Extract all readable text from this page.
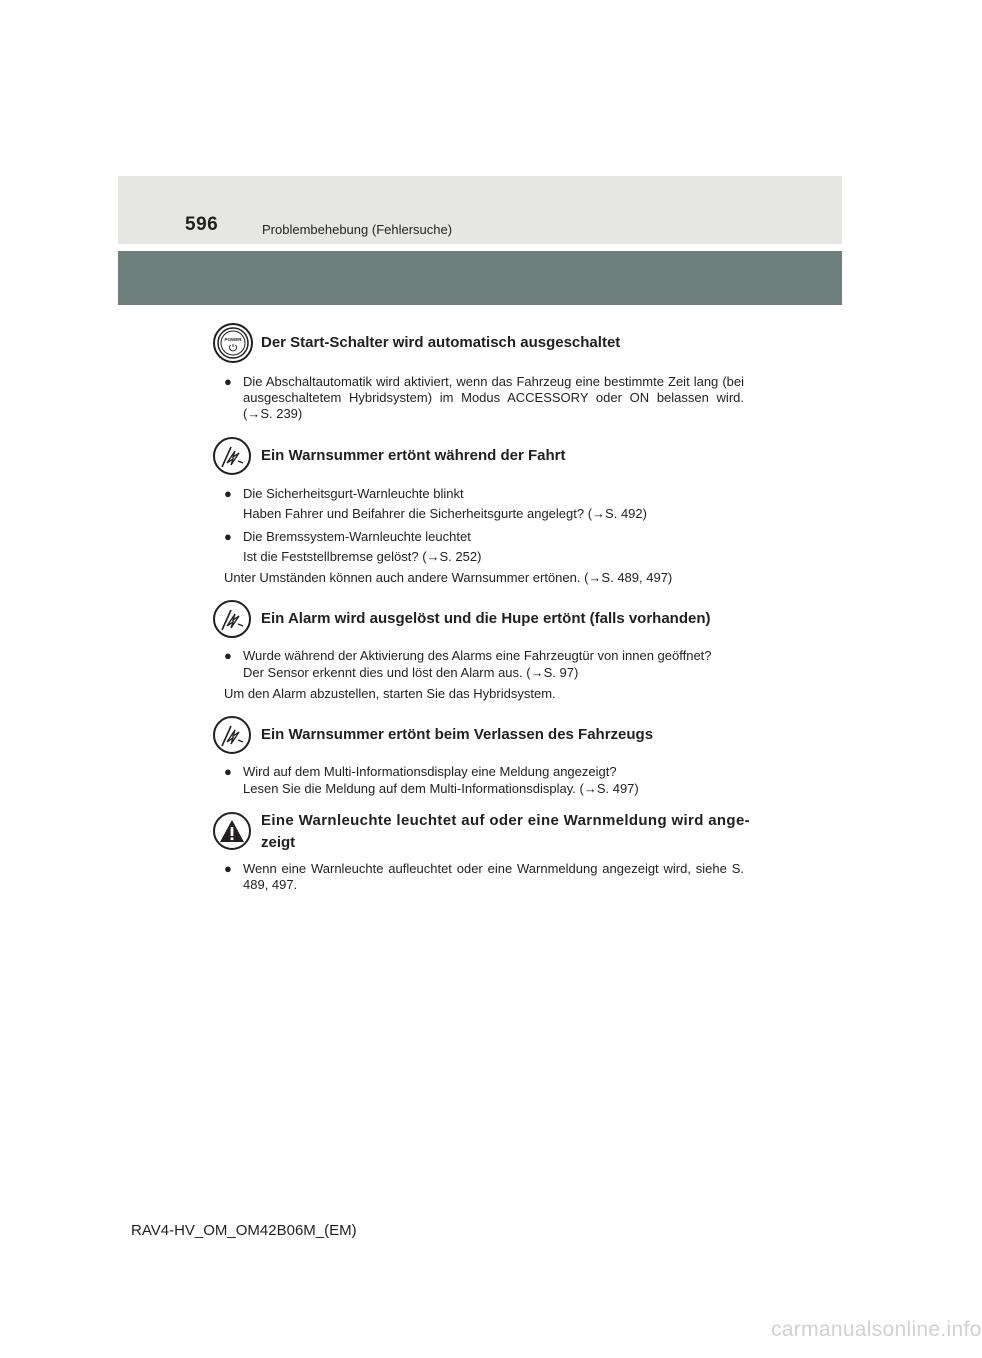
596	Problembehebung (Fehlersuche)
POWER Der Start-Schalter wird automatisch ausgeschaltet
● Die Abschaltautomatik wird aktiviert, wenn das Fahrzeug eine bestimmte Zeit lang (bei ausgeschaltetem Hybridsystem) im Modus ACCESSORY oder ON belassen wird. (→S. 239)
Ein Warnsummer ertönt während der Fahrt
● Die Sicherheitsgurt-Warnleuchte blinkt
Haben Fahrer und Beifahrer die Sicherheitsgurte angelegt? (→S. 492)
● Die Bremssystem-Warnleuchte leuchtet
Ist die Feststellbremse gelöst? (→S. 252)
Unter Umständen können auch andere Warnsummer ertönen. (→S. 489, 497)
Ein Alarm wird ausgelöst und die Hupe ertönt (falls vorhanden)
● Wurde während der Aktivierung des Alarms eine Fahrzeugtür von innen geöffnet?
Der Sensor erkennt dies und löst den Alarm aus. (→S. 97)
Um den Alarm abzustellen, starten Sie das Hybridsystem.
Ein Warnsummer ertönt beim Verlassen des Fahrzeugs
● Wird auf dem Multi-Informationsdisplay eine Meldung angezeigt?
Lesen Sie die Meldung auf dem Multi-Informationsdisplay. (→S. 497)
Eine Warnleuchte leuchtet auf oder eine Warnmeldung wird ange-
zeigt
● Wenn eine Warnleuchte aufleuchtet oder eine Warnmeldung angezeigt wird, siehe S. 489, 497.
RAV4-HV_OM_OM42B06M_(EM)
carmanualsonline.info
